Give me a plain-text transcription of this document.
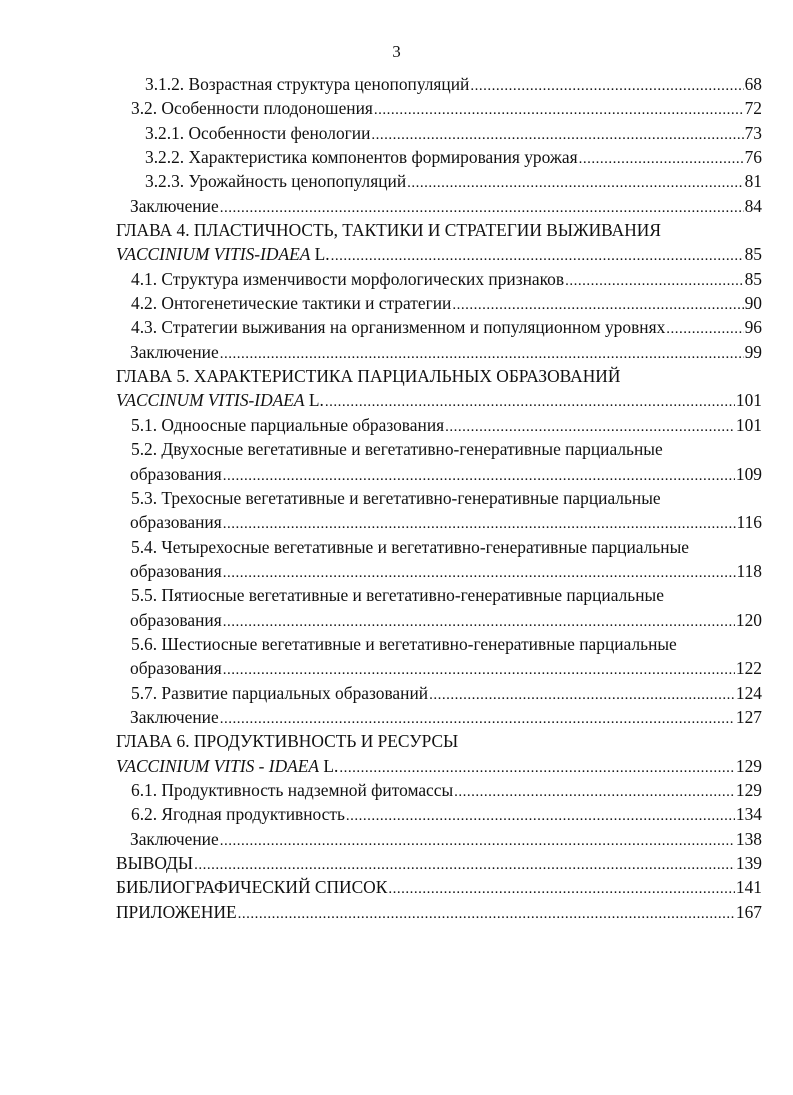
3
3.1.2. Возрастная структура ценопопуляций .....	68
3.2. Особенности плодоношения .....	72
3.2.1. Особенности фенологии .....	73
3.2.2. Характеристика компонентов формирования урожая .....	76
3.2.3. Урожайность ценопопуляций .....	81
Заключение .....	84
ГЛАВА 4. ПЛАСТИЧНОСТЬ, ТАКТИКИ И СТРАТЕГИИ ВЫЖИВАНИЯ
VACCINIUM VITIS-IDAEA L. .....	85
4.1. Структура изменчивости морфологических признаков .....	85
4.2. Онтогенетические тактики и стратегии .....	90
4.3. Стратегии выживания на организменном и популяционном уровнях .....	96
Заключение .....	99
ГЛАВА 5. ХАРАКТЕРИСТИКА ПАРЦИАЛЬНЫХ ОБРАЗОВАНИЙ
VACCINUM VITIS-IDAEA L. .....	101
5.1. Одноосные парциальные образования .....	101
5.2. Двухосные вегетативные и вегетативно-генеративные парциальные
образования .....	109
5.3. Трехосные вегетативные и вегетативно-генеративные парциальные
образования .....	116
5.4. Четырехосные вегетативные и вегетативно-генеративные парциальные
образования .....	118
5.5. Пятиосные вегетативные и вегетативно-генеративные парциальные
образования .....	120
5.6. Шестиосные вегетативные и вегетативно-генеративные парциальные
образования .....	122
5.7. Развитие парциальных образований .....	124
Заключение .....	127
ГЛАВА 6. ПРОДУКТИВНОСТЬ И РЕСУРСЫ
VACCINIUM VITIS - IDAEA L. .....	129
6.1. Продуктивность надземной фитомассы .....	129
6.2. Ягодная продуктивность .....	134
Заключение .....	138
ВЫВОДЫ .....	139
БИБЛИОГРАФИЧЕСКИЙ СПИСОК .....	141
ПРИЛОЖЕНИЕ .....	167
